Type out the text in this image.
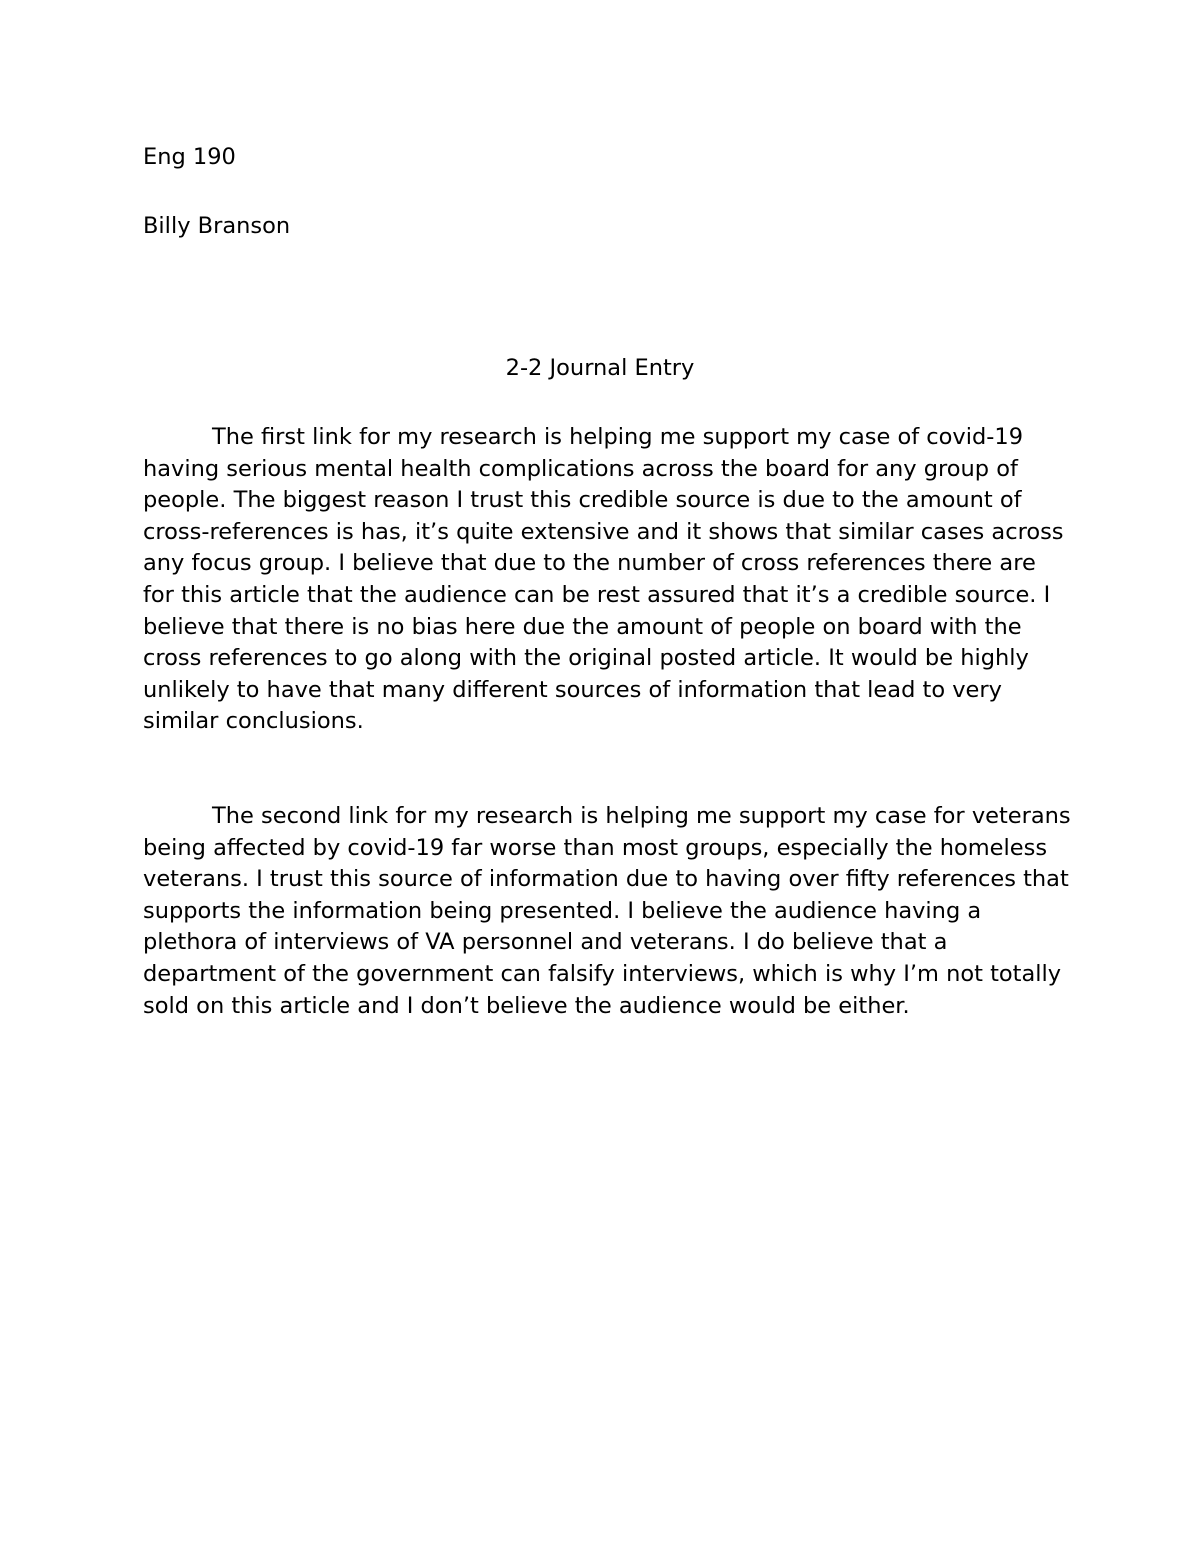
Eng 190

Billy Branson

2-2 Journal Entry

The first link for my research is helping me support my case of covid-19 having serious mental health complications across the board for any group of people. The biggest reason I trust this credible source is due to the amount of cross-references is has, it’s quite extensive and it shows that similar cases across any focus group. I believe that due to the number of cross references there are for this article that the audience can be rest assured that it’s a credible source. I believe that there is no bias here due the amount of people on board with the cross references to go along with the original posted article. It would be highly unlikely to have that many different sources of information that lead to very similar conclusions.

The second link for my research is helping me support my case for veterans being affected by covid-19 far worse than most groups, especially the homeless veterans. I trust this source of information due to having over fifty references that supports the information being presented. I believe the audience having a plethora of interviews of VA personnel and veterans. I do believe that a department of the government can falsify interviews, which is why I’m not totally sold on this article and I don’t believe the audience would be either.
